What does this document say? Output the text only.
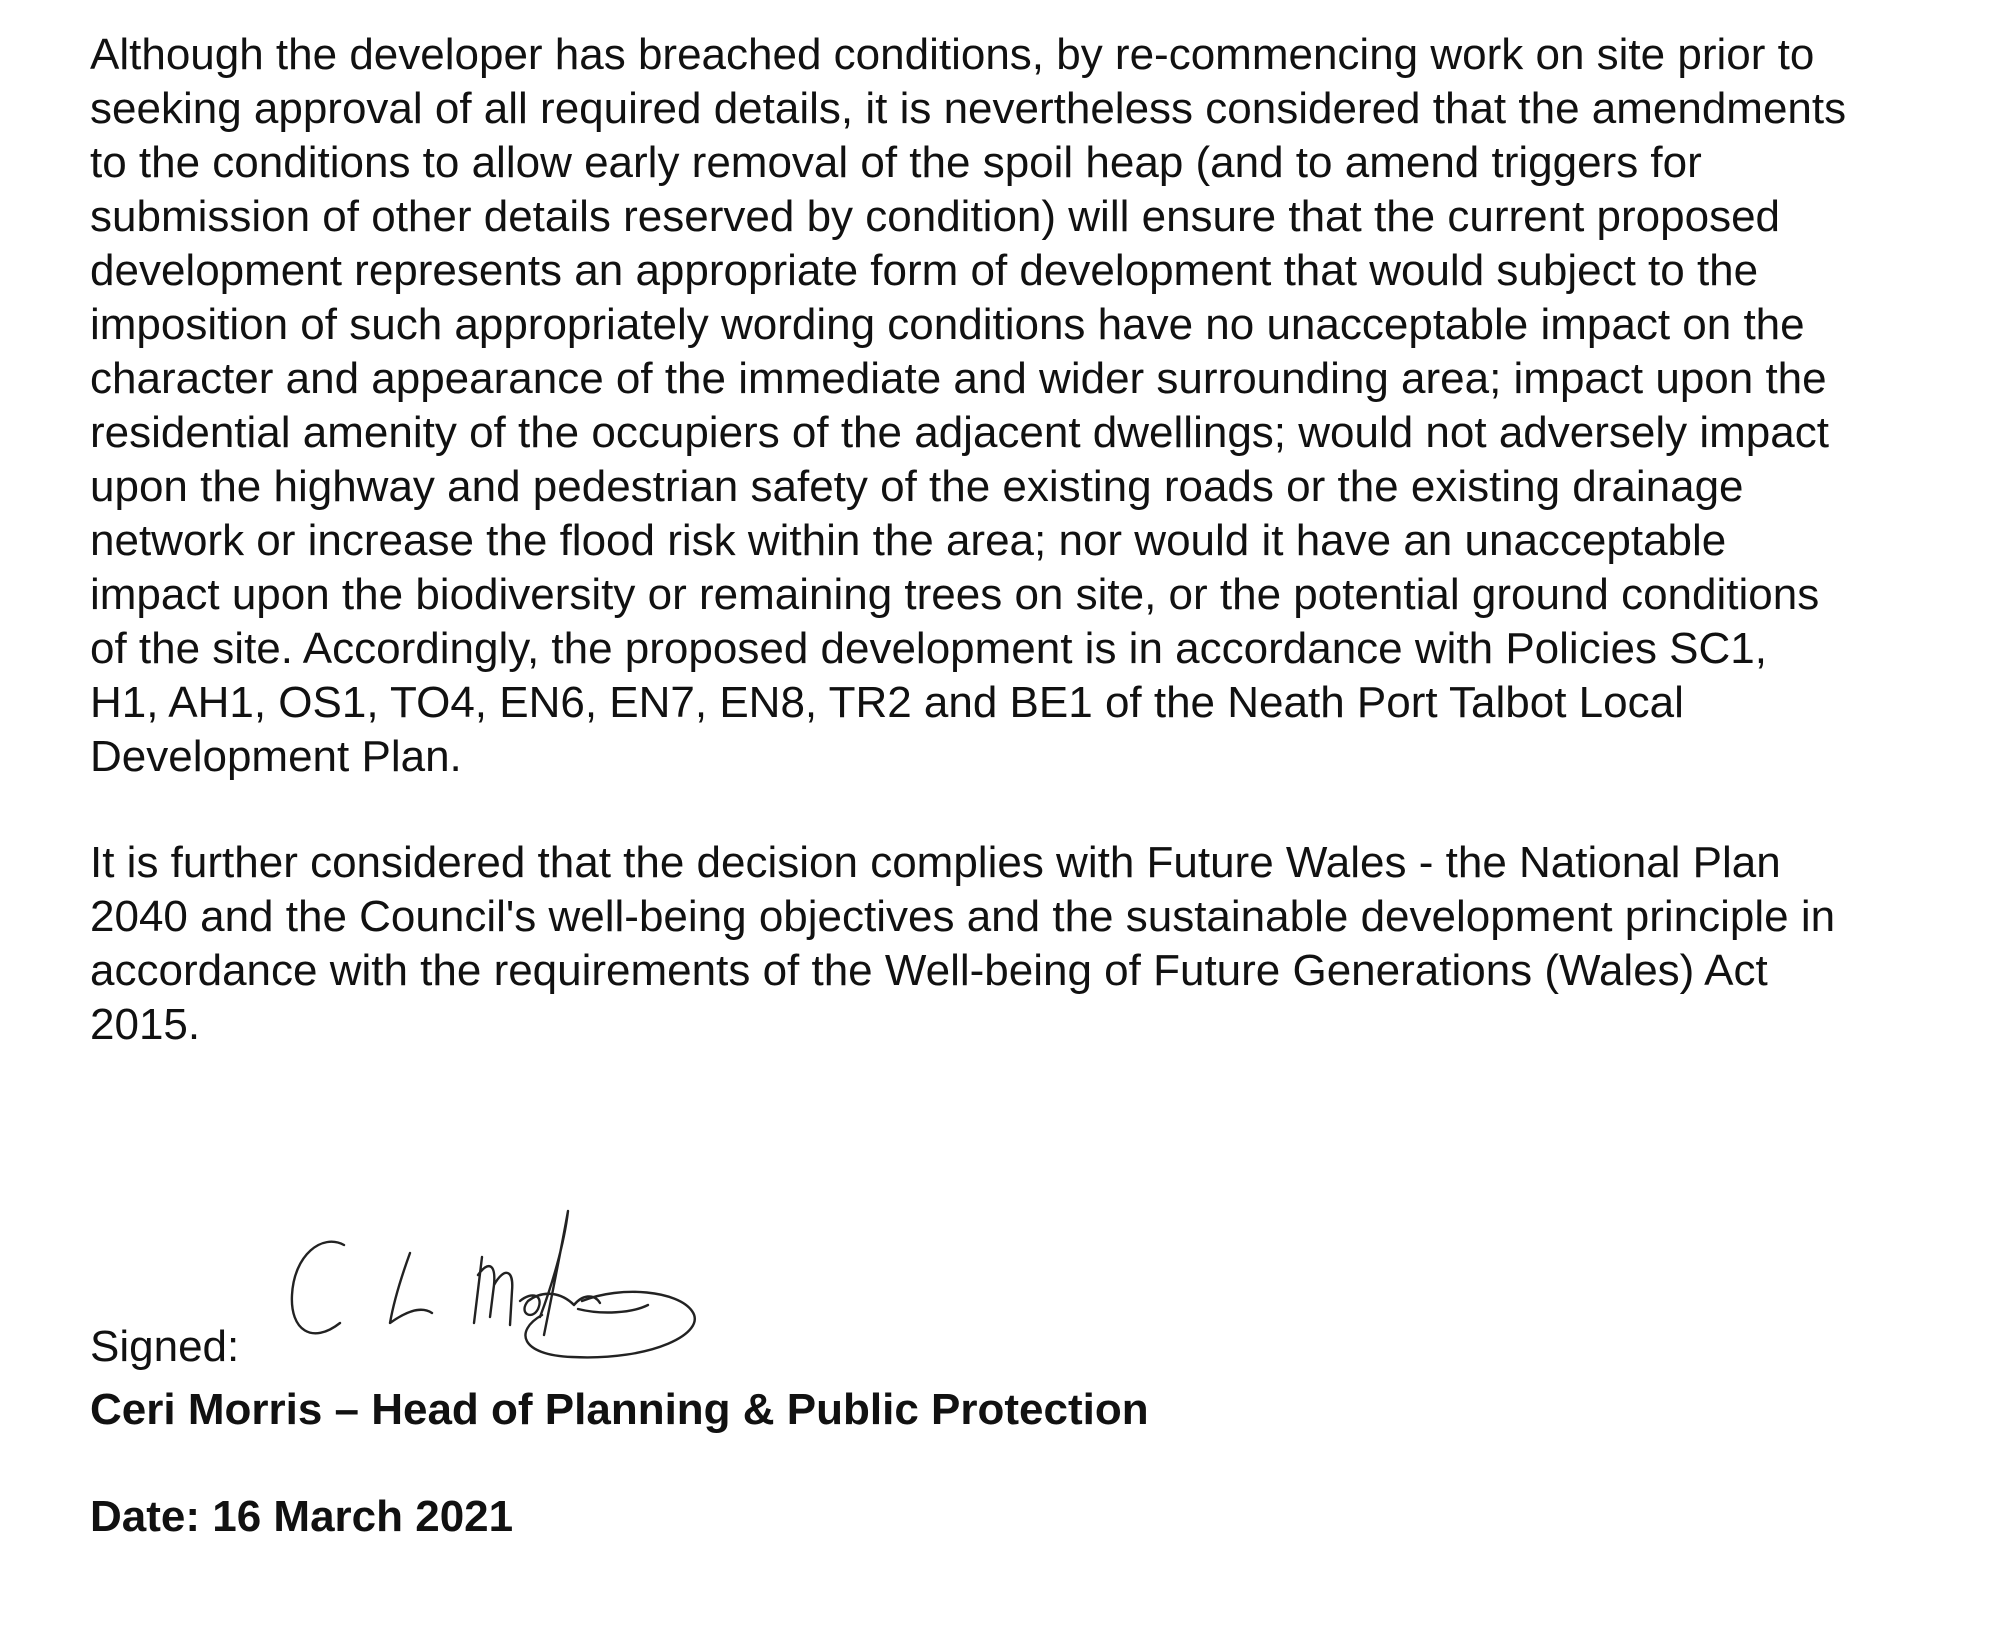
Although the developer has breached conditions, by re-commencing work on site prior to
seeking approval of all required details, it is nevertheless considered that the amendments
to the conditions to allow early removal of the spoil heap (and to amend triggers for
submission of other details reserved by condition) will ensure that the current proposed
development represents an appropriate form of development that would subject to the
imposition of such appropriately wording conditions have no unacceptable impact on the
character and appearance of the immediate and wider surrounding area; impact upon the
residential amenity of the occupiers of the adjacent dwellings; would not adversely impact
upon the highway and pedestrian safety of the existing roads or the existing drainage
network or increase the flood risk within the area; nor would it have an unacceptable
impact upon the biodiversity or remaining trees on site, or the potential ground conditions
of the site. Accordingly, the proposed development is in accordance with Policies SC1,
H1, AH1, OS1, TO4, EN6, EN7, EN8, TR2 and BE1 of the Neath Port Talbot Local
Development Plan.
It is further considered that the decision complies with Future Wales - the National Plan
2040 and the Council's well-being objectives and the sustainable development principle in
accordance with the requirements of the Well-being of Future Generations (Wales) Act
2015.
Signed:
Ceri Morris – Head of Planning & Public Protection
Date: 16 March 2021
